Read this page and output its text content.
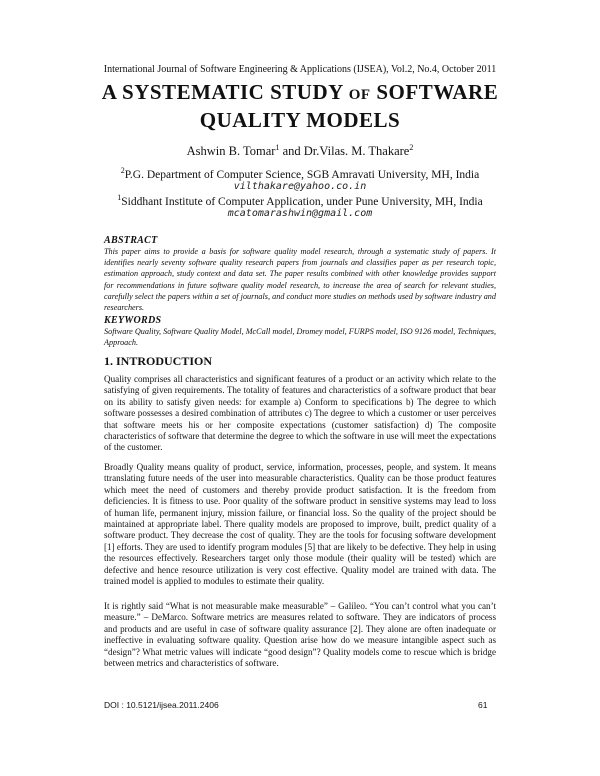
International Journal of Software Engineering & Applications (IJSEA), Vol.2, No.4, October 2011
A SYSTEMATIC STUDY OF SOFTWARE
QUALITY MODELS
Ashwin B. Tomar$^1$ and Dr.Vilas. M. Thakare$^2$
$^2$P.G. Department of Computer Science, SGB Amravati University, MH, India
vilthakare@yahoo.co.in
$^1$Siddhant Institute of Computer Application, under Pune University, MH, India
mcatomarashwin@gmail.com
ABSTRACT
This paper aims to provide a basis for software quality model research, through a systematic study of papers. It identifies nearly seventy software quality research papers from journals and classifies paper as per research topic, estimation approach, study context and data set. The paper results combined with other knowledge provides support for recommendations in future software quality model research, to increase the area of search for relevant studies, carefully select the papers within a set of journals, and conduct more studies on methods used by software industry and researchers.
KEYWORDS
Software Quality, Software Quality Model, McCall model, Dromey model, FURPS model, ISO 9126 model, Techniques, Approach.
1. INTRODUCTION
Quality comprises all characteristics and significant features of a product or an activity which relate to the satisfying of given requirements. The totality of features and characteristics of a software product that bear on its ability to satisfy given needs: for example a) Conform to specifications b) The degree to which software possesses a desired combination of attributes c) The degree to which a customer or user perceives that software meets his or her composite expectations (customer satisfaction) d) The composite characteristics of software that determine the degree to which the software in use will meet the expectations of the customer.
Broadly Quality means quality of product, service, information, processes, people, and system. It means ttranslating future needs of the user into measurable characteristics. Quality can be those product features which meet the need of customers and thereby provide product satisfaction. It is the freedom from deficiencies. It is fitness to use. Poor quality of the software product in sensitive systems may lead to loss of human life, permanent injury, mission failure, or financial loss. So the quality of the project should be maintained at appropriate label. There quality models are proposed to improve, built, predict quality of a software product. They decrease the cost of quality. They are the tools for focusing software development [1] efforts. They are used to identify program modules [5] that are likely to be defective. They help in using the resources effectively. Researchers target only those module (their quality will be tested) which are defective and hence resource utilization is very cost effective. Quality model are trained with data. The trained model is applied to modules to estimate their quality.
It is rightly said “What is not measurable make measurable” – Galileo. “You can’t control what you can’t measure.” – DeMarco. Software metrics are measures related to software. They are indicators of process and products and are useful in case of software quality assurance [2]. They alone are often inadequate or ineffective in evaluating software quality. Question arise how do we measure intangible aspect such as “design”? What metric values will indicate “good design”? Quality models come to rescue which is bridge between metrics and characteristics of software.
DOI : 10.5121/ijsea.2011.2406	61
